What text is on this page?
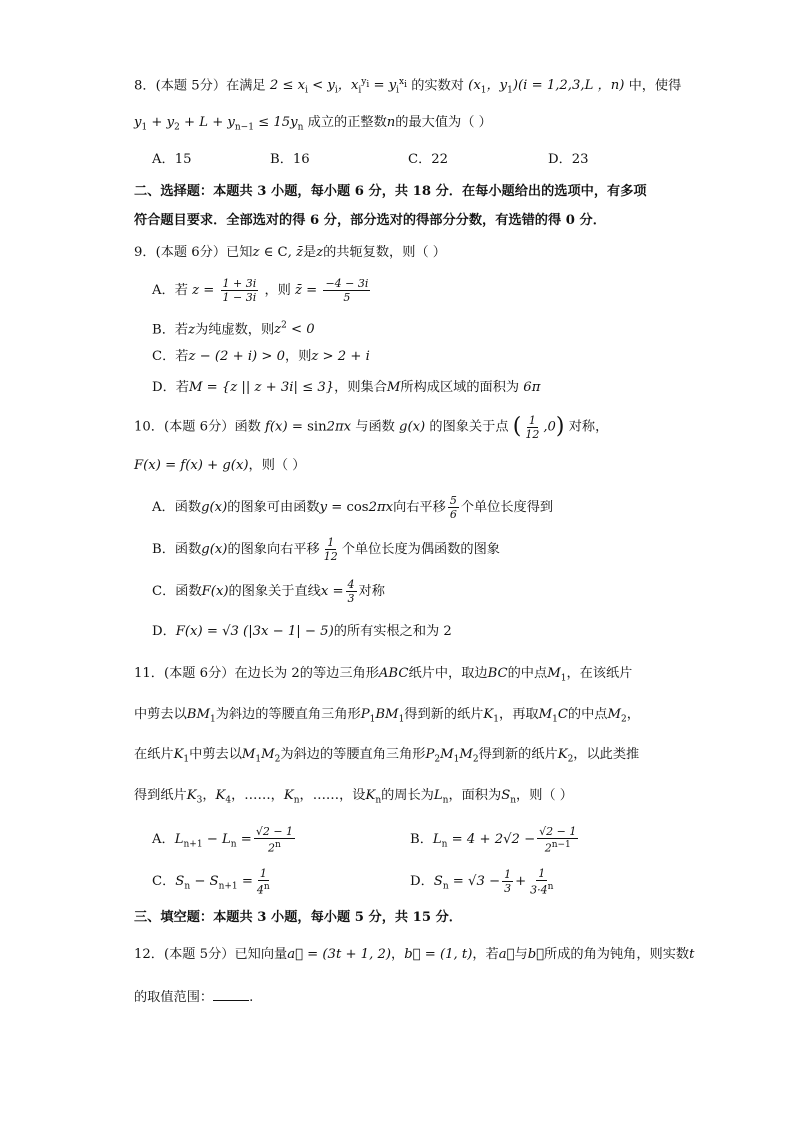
8．(本题 5分）在满足 $2 \le x_i < y_i$，$x_i^{y_i} = y_i^{x_i}$ 的实数对 ($x_1$，$y_1)(i = 1,2,3,L$ ，n) 中，使得
$y_1 + y_2 + L + y_{n-1} \le 15y_n$ 成立的正整数n的最大值为（ ）
A．15	B．16	C．22	D．23
二、选择题：本题共 3 小题，每小题 6 分，共 18 分．在每小题给出的选项中，有多项
符合题目要求．全部选对的得 6 分，部分选对的得部分分数，有选错的得 0 分．
9．(本题 6分）已知z ∈ C, z̄是z的共轭复数，则（ ）
A．若 $z = \frac{1 + 3i}{1 - 3i}$ ，则 z̄ = $\frac{-4 - 3i}{5}$
B．若z为纯虚数，则$z^2 < 0$
C．若z − (2 + i) > 0，则z > 2 + i
D．若M = {z || z + 3i| ≤ 3}，则集合M所构成区域的面积为 6π
10．(本题 6分）函数 f(x) = sin2πx 与函数 g(x) 的图象关于点 ( $\frac{1}{12} ,0$) 对称，
F(x) = f(x) + g(x)，则（ ）
A．函数g(x)的图象可由函数y = cos2πx向右平移 $\frac{5}{6}$ 个单位长度得到
B．函数g(x)的图象向右平移 $\frac{1}{12}$ 个单位长度为偶函数的图象
C．函数F(x)的图象关于直线$x = \frac{4}{3}$ 对称
D．F(x) = √3 (|3x − 1| − 5)的所有实根之和为 2
11．(本题 6分）在边长为 2的等边三角形ABC纸片中，取边BC的中点$M_1$，在该纸片
中剪去以$BM_1$为斜边的等腰直角三角形$P_1BM_1$得到新的纸片$K_1$，再取$M_1C$的中点$M_2$，
在纸片$K_1$中剪去以$M_1M_2$为斜边的等腰直角三角形$P_2M_1M_2$得到新的纸片$K_2$，以此类推
得到纸片$K_3$，$K_4$，……，$K_n$，……，设$K_n$的周长为$L_n$，面积为$S_n$，则（ ）
A．$L_{n+1} - L_n = \frac{√2 - 1}{2^n}$	B．$L_n = 4 + 2√2 - \frac{√2 - 1}{2^{n-1}}$
C．$S_n - S_{n+1} = \frac{1}{4^n}$	D．$S_n = √3 - \frac{1}{3} + \frac{1}{3\cdot 4^n}$
三、填空题：本题共 3 小题，每小题 5 分，共 15 分．
12．(本题 5分）已知向量a⃗ = (3t + 1, 2)，b⃗ = (1, t)，若a⃗与b⃗所成的角为钝角，则实数t
的取值范围：	.
